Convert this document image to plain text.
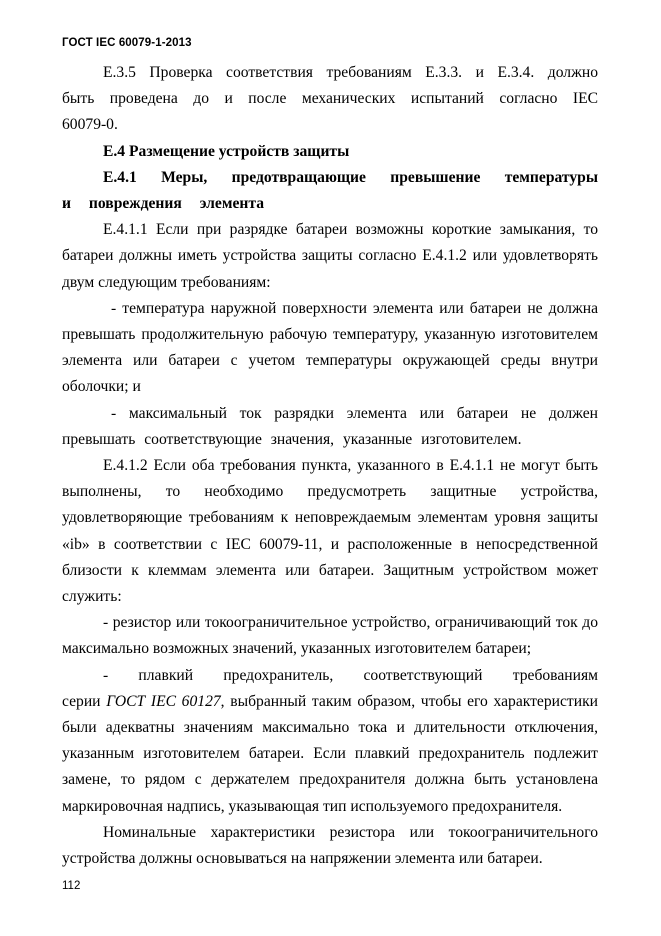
ГОСТ IEC 60079-1-2013

Е.3.5 Проверка соответствия требованиям Е.3.3. и Е.3.4. должно быть проведена до и после механических испытаний согласно IEC 60079-0.

Е.4 Размещение устройств защиты

Е.4.1 Меры, предотвращающие превышение температуры и повреждения элемента

Е.4.1.1 Если при разрядке батареи возможны короткие замыкания, то батареи должны иметь устройства защиты согласно Е.4.1.2 или удовлетворять двум следующим требованиям:

- температура наружной поверхности элемента или батареи не должна превышать продолжительную рабочую температуру, указанную изготовителем элемента или батареи с учетом температуры окружающей среды внутри оболочки; и

- максимальный ток разрядки элемента или батареи не должен превышать соответствующие значения, указанные изготовителем.

Е.4.1.2 Если оба требования пункта, указанного в Е.4.1.1 не могут быть выполнены, то необходимо предусмотреть защитные устройства, удовлетворяющие требованиям к неповреждаемым элементам уровня защиты «ib» в соответствии с IEC 60079-11, и расположенные в непосредственной близости к клеммам элемента или батареи. Защитным устройством может служить:

- резистор или токоограничительное устройство, ограничивающий ток до максимально возможных значений, указанных изготовителем батареи;

- плавкий предохранитель, соответствующий требованиям серии ГОСТ IEC 60127, выбранный таким образом, чтобы его характеристики были адекватны значениям максимально тока и длительности отключения, указанным изготовителем батареи. Если плавкий предохранитель подлежит замене, то рядом с держателем предохранителя должна быть установлена маркировочная надпись, указывающая тип используемого предохранителя.

Номинальные характеристики резистора или токоограничительного устройства должны основываться на напряжении элемента или батареи.

112
